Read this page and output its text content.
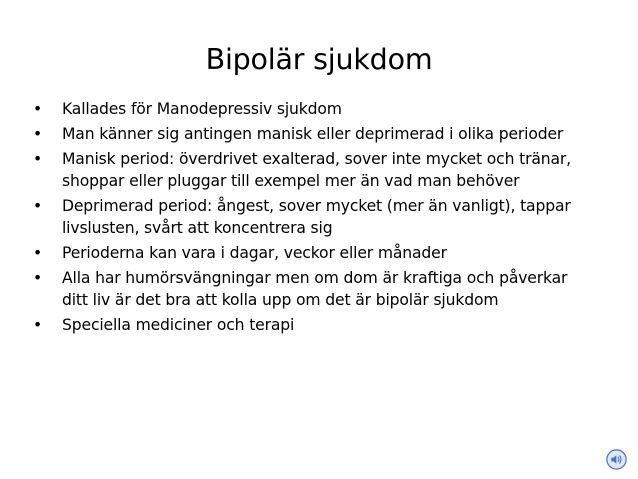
Bipolär sjukdom
• Kallades för Manodepressiv sjukdom
• Man känner sig antingen manisk eller deprimerad i olika perioder
• Manisk period: överdrivet exalterad, sover inte mycket och tränar, shoppar eller pluggar till exempel mer än vad man behöver
• Deprimerad period: ångest, sover mycket (mer än vanligt), tappar livslusten, svårt att koncentrera sig
• Perioderna kan vara i dagar, veckor eller månader
• Alla har humörsvängningar men om dom är kraftiga och påverkar ditt liv är det bra att kolla upp om det är bipolär sjukdom
• Speciella mediciner och terapi
